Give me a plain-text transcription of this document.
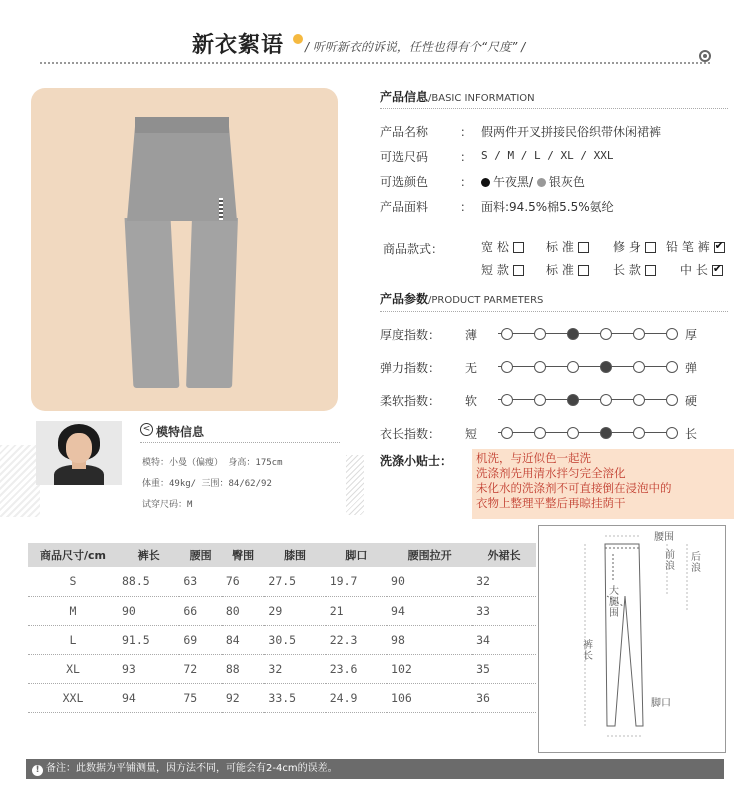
新衣絮语 / 听听新衣的诉说，任性也得有个“尺度” /
< 模特信息
模特：小曼（偏瘦） 身高：175cm
体重：49kg/ 三围：84/62/92
试穿尺码：M
产品信息/BASIC INFORMATION
产品名称	： 假两件开叉拼接民俗织带休闲裙裤
可选尺码	： S / M / L / XL / XXL
可选颜色	：	午夜黑/ 银灰色
产品面料	： 面料:94.5%棉5.5%氨纶
商品款式：	宽 松	标 准	修 身	铅 笔 裤✔
短 款	标 准	长 款	中 长✔
产品参数/PRODUCT PARMETERS
厚度指数： 薄	厚
弹力指数： 无	弹
柔软指数： 软	硬
衣长指数： 短	长
洗涤小贴士： 机洗，与近似色一起洗
洗涤剂先用清水拌匀完全溶化
未化水的洗涤剂不可直接倒在浸泡中的
衣物上整理平整后再晾挂荫干
商品尺寸/cm	裤长	腰围	臀围	膝围	脚口	腰围拉开	外裙长
S	88.5	63	76	27.5	19.7	90	32
M	90	66	80	29	21	94	33
L	91.5	69	84	30.5	22.3	98	34
XL	93	72	88	32	23.6	102	35
XXL	94	75	92	33.5	24.9	106	36
腰围
前浪
后浪
大腿围
裤长
脚口
! 备注：此数据为平铺测量，因方法不同，可能会有2-4cm的误差。
